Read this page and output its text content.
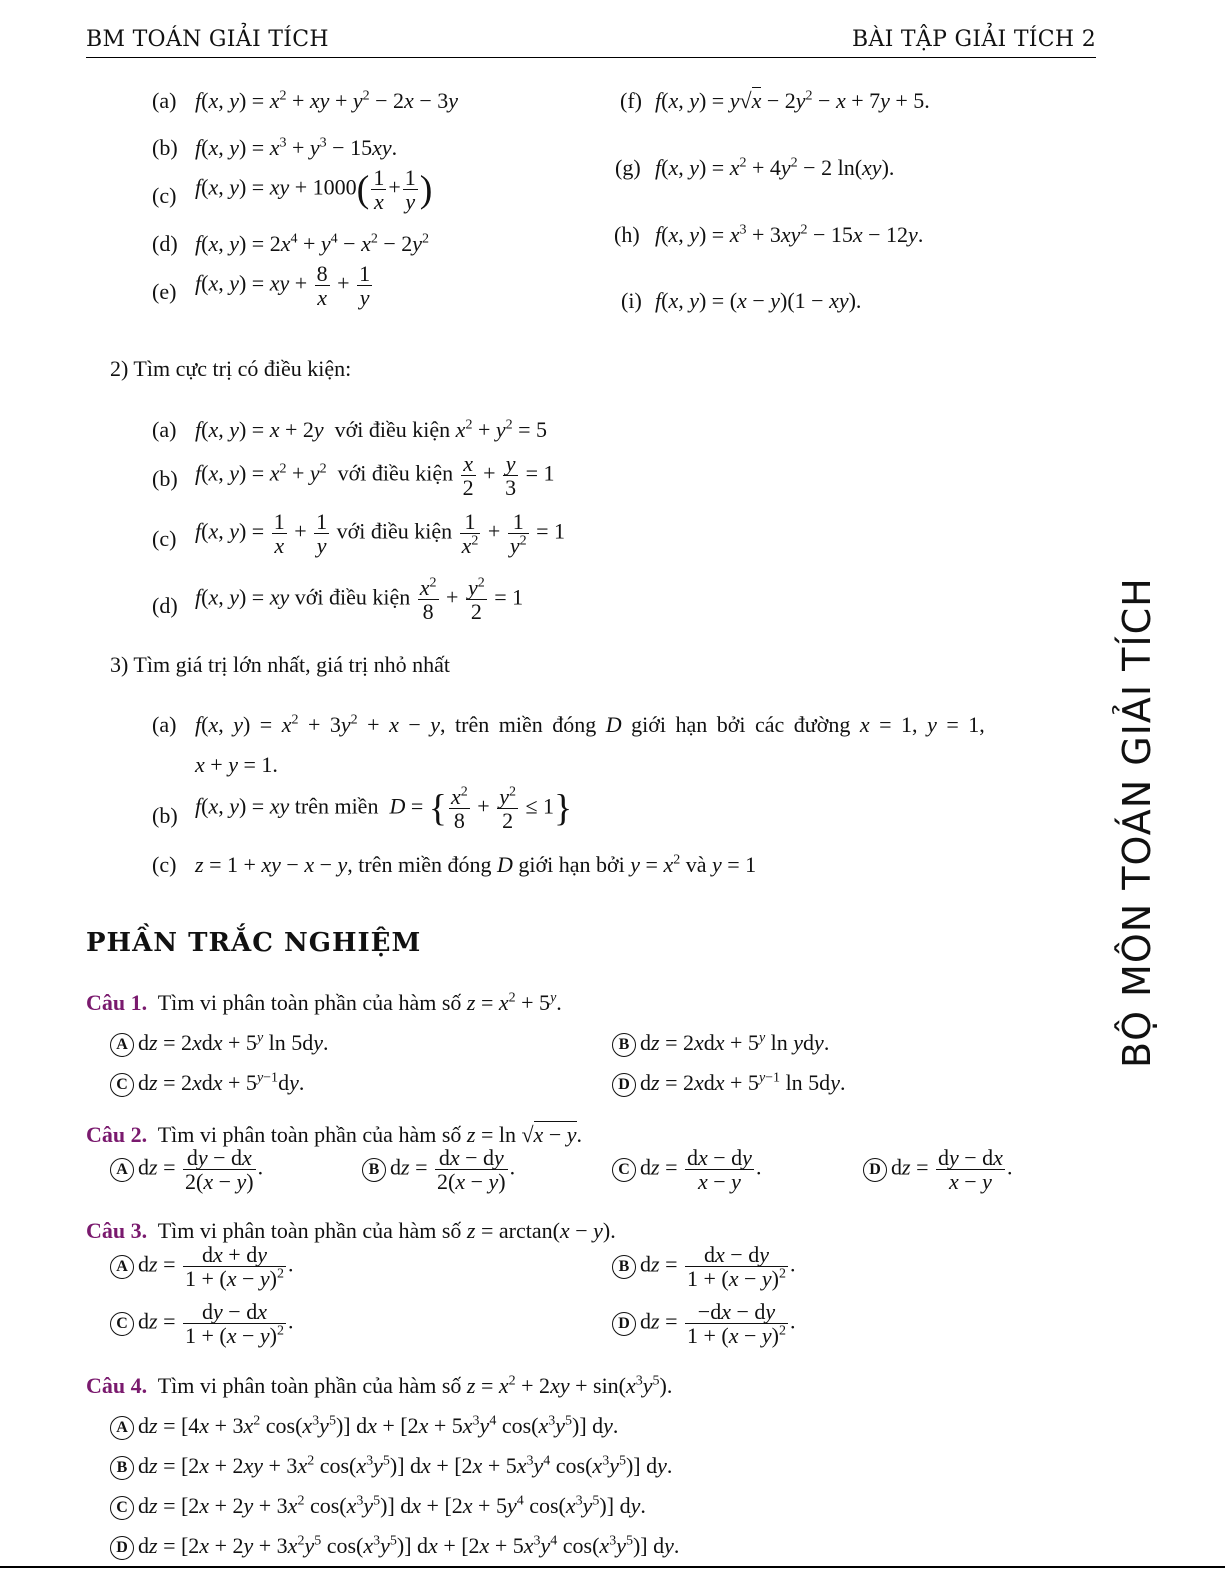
BM TOÁN GIẢI TÍCH	BÀI TẬP GIẢI TÍCH 2
BỘ MÔN TOÁN GIẢI TÍCH
(a) f(x, $y) = x^2$ + xy + $y^2 - 2x - 3y$
(b) f(x, $y) = x^3 + y^3 - 15xy$.
(c) f(x, y) = xy + $1000( \frac{1}{x} + \frac{1}{y}$ )
(d) f(x, $y) = 2x^4 + y^4 - x^2 - 2y^2$
(e) f(x, y) = xy + $\frac{8}{x} + \frac{1}{y}$
(f) f(x, $y) = y√x - 2y^2 - x + 7y + 5$.
(g) f(x, $y) = x^2 + 4y^2 - 2$ ln(xy).
(h) f(x, $y) = x^3 + 3xy^2 - 15x - 12y$.
(i) f(x, y) = (x − y)(1 − xy).
2) Tìm cực trị có điều kiện:
(a) f(x, y) = x + 2y với điều kiện $x^2 + y^2 = 5$
(b) f(x, $y) = x^2 + y^2$ với điều kiện $\frac{x}{2} + \frac{y}{3} = 1$
(c) f(x, $y) = \frac{1}{x} + \frac{1}{y}$ với điều kiện $\frac{1}{x^2} + \frac{1}{y^2} = 1$
(d) f(x, y) = xy với điều kiện $\frac{x^2}{8} + \frac{y^2}{2} = 1$
3) Tìm giá trị lớn nhất, giá trị nhỏ nhất
(a) f(x, $y) = x^2 + 3y^2 + x - y$, trên miền đóng D giới hạn bởi các đường x = 1, y = 1,
x + y = 1.
(b) f(x, y) = xy trên miền  D = { $\frac{x^2}{8} + \frac{y^2}{2} \le 1$}
(c) z = 1 + xy − x − y, trên miền đóng D giới hạn bởi $y = x^2$ và y = 1
PHẦN TRẮC NGHIỆM
Câu 1.  Tìm vi phân toàn phần của hàm số $z = x^2 + 5^y$.
A dz = $2xdx + 5^y$ ln 5dy.	B dz = $2xdx + 5^y$ ln ydy.
C dz = $2xdx + 5^{y-1}dy$.	D dz = $2xdx + 5^{y-1}$ ln 5dy.
Câu 2.  Tìm vi phân toàn phần của hàm số z = ln √x − y.
A dz = $\frac{dy - dx}{2(x - y)}$ .	B dz = $\frac{dx - dy}{2(x - y)}$ .	C dz = $\frac{dx - dy}{x - y}$ .	D dz = $\frac{dy - dx}{x - y}$ .
Câu 3.  Tìm vi phân toàn phần của hàm số z = arctan(x − y).
A dz = $\frac{dx + dy}{1 + (x - y)^2}$ .	B dz = $\frac{dx - dy}{1 + (x - y)^2}$ .
C dz = $\frac{dy - dx}{1 + (x - y)^2}$ .	D dz = $\frac{-dx - dy}{1 + (x - y)^2}$ .
Câu 4.  Tìm vi phân toàn phần của hàm số $z = x^2 + 2xy + \sin(x^3y^5)$.
A dz = [$4x + 3x^2$ $\cos(x^3y^5)$] dx + [$2x + 5x^3y^4$ $\cos(x^3y^5)$] dy.
B dz = [$2x + 2xy + 3x^2$ $\cos(x^3y^5)$] dx + [$2x + 5x^3y^4$ $\cos(x^3y^5)$] dy.
C dz = [$2x + 2y + 3x^2$ $\cos(x^3y^5)$] dx + [$2x + 5y^4$ $\cos(x^3y^5)$] dy.
D dz = [$2x + 2y + 3x^2y^5$ $\cos(x^3y^5)$] dx + [$2x + 5x^3y^4$ $\cos(x^3y^5)$] dy.
